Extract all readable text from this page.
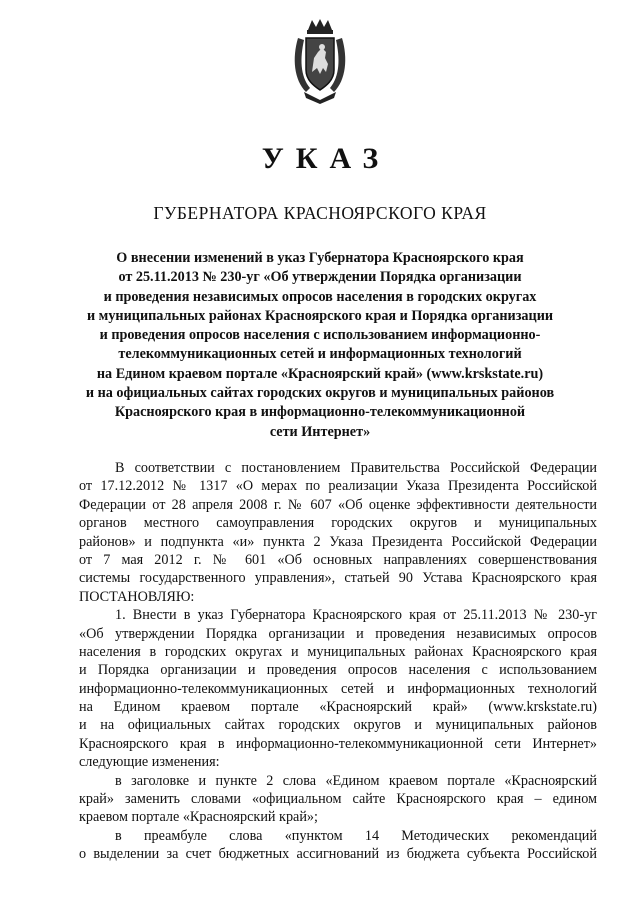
УКАЗ
ГУБЕРНАТОРА КРАСНОЯРСКОГО КРАЯ
О внесении изменений в указ Губернатора Красноярского края
от 25.11.2013 № 230-уг «Об утверждении Порядка организации
и проведения независимых опросов населения в городских округах
и муниципальных районах Красноярского края и Порядка организации
и проведения опросов населения с использованием информационно-
телекоммуникационных сетей и информационных технологий
на Едином краевом портале «Красноярский край» (www.krskstate.ru)
и на официальных сайтах городских округов и муниципальных районов
Красноярского края в информационно-телекоммуникационной
сети Интернет»
В соответствии с постановлением Правительства Российской Федерации
от 17.12.2012 № 1317 «О мерах по реализации Указа Президента Российской
Федерации от 28 апреля 2008 г. № 607 «Об оценке эффективности деятельности
органов местного самоуправления городских округов и муниципальных
районов» и подпункта «и» пункта 2 Указа Президента Российской Федерации
от 7 мая 2012 г. № 601 «Об основных направлениях совершенствования
системы государственного управления», статьей 90 Устава Красноярского края
ПОСТАНОВЛЯЮ:
1. Внести в указ Губернатора Красноярского края от 25.11.2013 № 230-уг
«Об утверждении Порядка организации и проведения независимых опросов
населения в городских округах и муниципальных районах Красноярского края
и Порядка организации и проведения опросов населения с использованием
информационно-телекоммуникационных сетей и информационных технологий
на Едином краевом портале «Красноярский край» (www.krskstate.ru)
и на официальных сайтах городских округов и муниципальных районов
Красноярского края в информационно-телекоммуникационной сети Интернет»
следующие изменения:
в заголовке и пункте 2 слова «Едином краевом портале «Красноярский
край» заменить словами «официальном сайте Красноярского края – едином
краевом портале «Красноярский край»;
в преамбуле слова «пунктом 14 Методических рекомендаций
о выделении за счет бюджетных ассигнований из бюджета субъекта Российской
